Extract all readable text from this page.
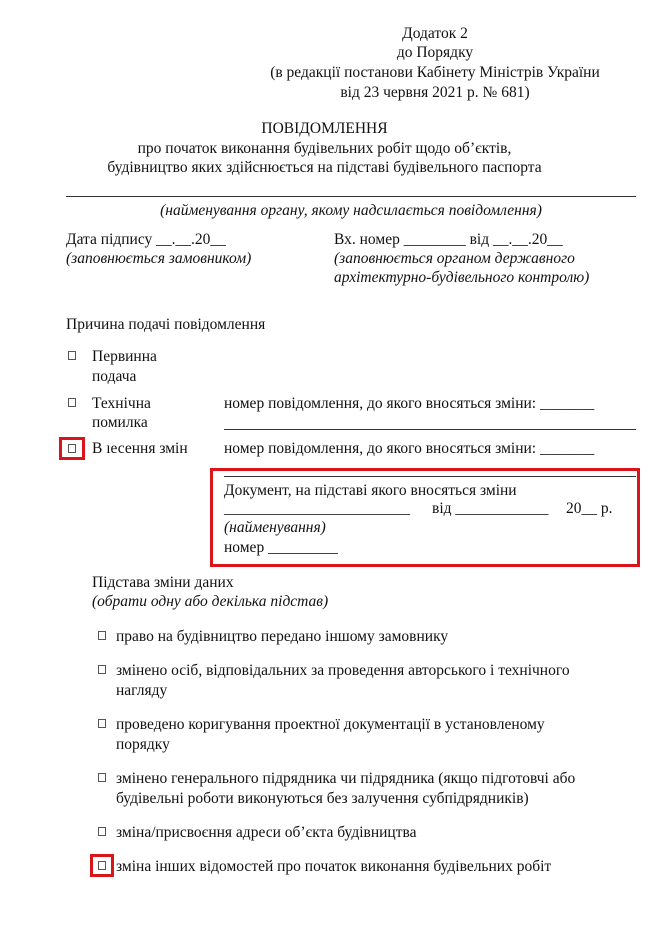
Додаток 2
до Порядку
(в редакції постанови Кабінету Міністрів України
від 23 червня 2021 р. № 681)
ПОВІДОМЛЕННЯ
про початок виконання будівельних робіт щодо об’єктів,
будівництво яких здійснюється на підставі будівельного паспорта
(найменування органу, якому надсилається повідомлення)
Дата підпису __.__.20__
(заповнюється замовником)
Вх. номер ________ від __.__.20__
(заповнюється органом державного
архітектурно-будівельного контролю)
Причина подачі повідомлення
Первинна
подача
Технічна
помилка
номер повідомлення, до якого вносяться зміни: _______
В ıесення змін номер повідомлення, до якого вносяться зміни: _______
Документ, на підставі якого вносяться зміни
________________________ від ____________ 20__ р.
(найменування)
номер _________
Підстава зміни даних
(обрати одну або декілька підстав)
право на будівництво передано іншому замовнику
змінено осіб, відповідальних за проведення авторського і технічного
нагляду
проведено коригування проектної документації в установленому
порядку
змінено генерального підрядника чи підрядника (якщо підготовчі або
будівельні роботи виконуються без залучення субпідрядників)
зміна/присвоєння адреси об’єкта будівництва
зміна інших відомостей про початок виконання будівельних робіт
